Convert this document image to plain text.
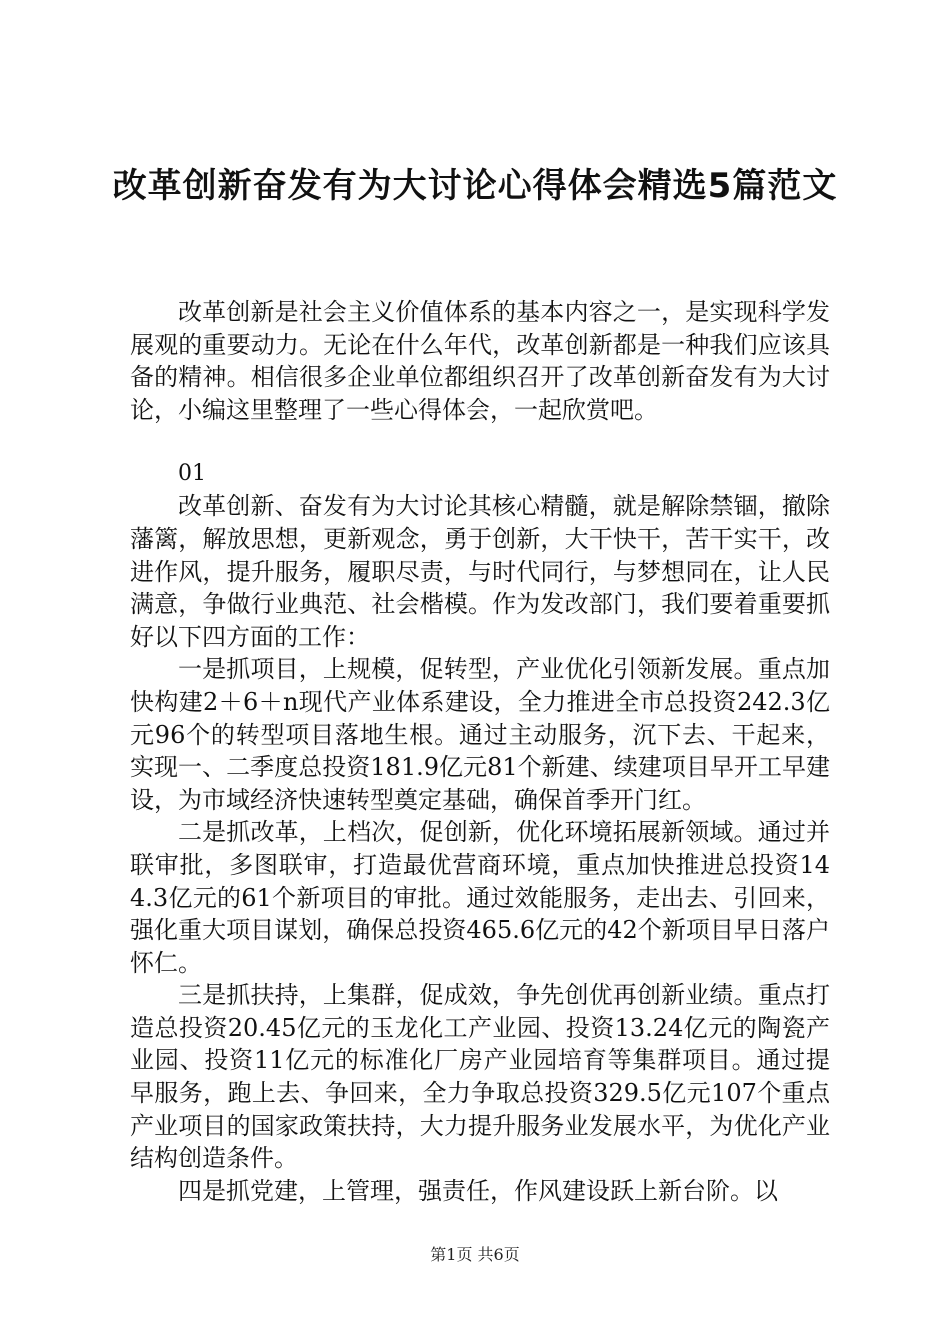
改革创新奋发有为大讨论心得体会精选5篇范文

改革创新是社会主义价值体系的基本内容之一，是实现科学发展观的重要动力。无论在什么年代，改革创新都是一种我们应该具备的精神。相信很多企业单位都组织召开了改革创新奋发有为大讨论，小编这里整理了一些心得体会，一起欣赏吧。

01

改革创新、奋发有为大讨论其核心精髓，就是解除禁锢，撤除藩篱，解放思想，更新观念，勇于创新，大干快干，苦干实干，改进作风，提升服务，履职尽责，与时代同行，与梦想同在，让人民满意，争做行业典范、社会楷模。作为发改部门，我们要着重要抓好以下四方面的工作：

一是抓项目，上规模，促转型，产业优化引领新发展。重点加快构建2＋6＋n现代产业体系建设，全力推进全市总投资242.3亿元96个的转型项目落地生根。通过主动服务，沉下去、干起来，实现一、二季度总投资181.9亿元81个新建、续建项目早开工早建设，为市域经济快速转型奠定基础，确保首季开门红。

二是抓改革，上档次，促创新，优化环境拓展新领域。通过并联审批，多图联审，打造最优营商环境，重点加快推进总投资144.3亿元的61个新项目的审批。通过效能服务，走出去、引回来，强化重大项目谋划，确保总投资465.6亿元的42个新项目早日落户怀仁。

三是抓扶持，上集群，促成效，争先创优再创新业绩。重点打造总投资20.45亿元的玉龙化工产业园、投资13.24亿元的陶瓷产业园、投资11亿元的标准化厂房产业园培育等集群项目。通过提早服务，跑上去、争回来，全力争取总投资329.5亿元107个重点产业项目的国家政策扶持，大力提升服务业发展水平，为优化产业结构创造条件。

四是抓党建，上管理，强责任，作风建设跃上新台阶。以

第1页 共6页
